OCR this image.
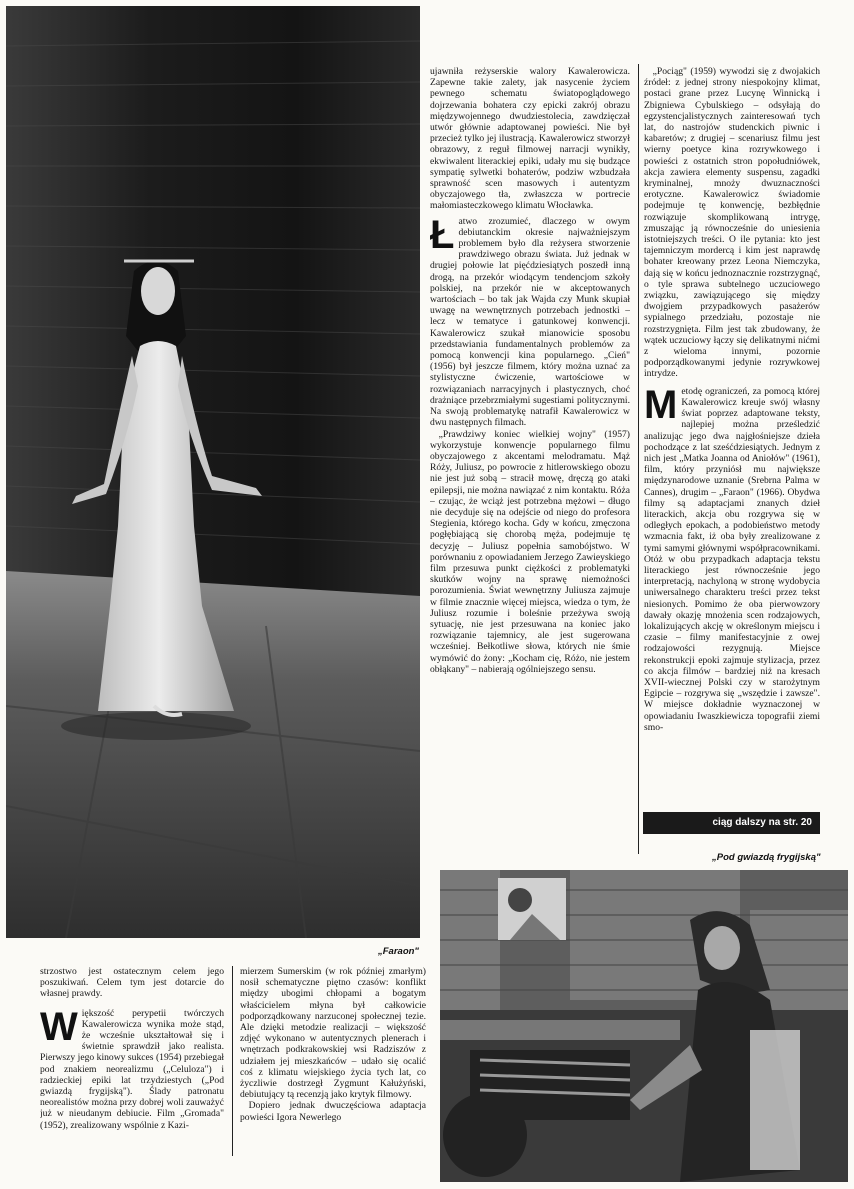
„Faraon"

ujawniła reżyserskie walory Kawalerowicza. Zapewne takie zalety, jak nasycenie życiem pewnego schematu światopoglądowego dojrzewania bohatera czy epicki zakrój obrazu międzywojennego dwudziestolecia, zawdzięczał utwór głównie adaptowanej powieści. Nie był przecież tylko jej ilustracją. Kawalerowicz stworzył obrazowy, z reguł filmowej narracji wynikły, ekwiwalent literackiej epiki, udały mu się budzące sympatię sylwetki bohaterów, podziw wzbudzała sprawność scen masowych i autentyzm obyczajowego tła, zwłaszcza w portrecie małomiasteczkowego klimatu Włocławka.

Łatwo zrozumieć, dlaczego w owym debiutanckim okresie najważniejszym problemem było dla reżysera stworzenie prawdziwego obrazu świata. Już jednak w drugiej połowie lat pięćdziesiątych poszedł inną drogą, na przekór wiodącym tendencjom szkoły polskiej, na przekór nie w akceptowanych wartościach – bo tak jak Wajda czy Munk skupiał uwagę na wewnętrznych potrzebach jednostki – lecz w tematyce i gatunkowej konwencji. Kawalerowicz szukał mianowicie sposobu przedstawiania fundamentalnych problemów za pomocą konwencji kina popularnego. „Cień" (1956) był jeszcze filmem, który można uznać za stylistyczne ćwiczenie, wartościowe w rozwiązaniach narracyjnych i plastycznych, choć drażniące przebrzmiałymi sugestiami politycznymi. Na swoją problematykę natrafił Kawalerowicz w dwu następnych filmach.

„Prawdziwy koniec wielkiej wojny" (1957) wykorzystuje konwencje popularnego filmu obyczajowego z akcentami melodramatu. Mąż Róży, Juliusz, po powrocie z hitlerowskiego obozu nie jest już sobą – stracił mowę, dręczą go ataki epilepsji, nie można nawiązać z nim kontaktu. Róża – czując, że wciąż jest potrzebna mężowi – długo nie decyduje się na odejście od niego do profesora Stegienia, którego kocha. Gdy w końcu, zmęczona pogłębiającą się chorobą męża, podejmuje tę decyzję – Juliusz popełnia samobójstwo. W porównaniu z opowiadaniem Jerzego Zawieyskiego film przesuwa punkt ciężkości z problematyki skutków wojny na sprawę niemożności porozumienia. Świat wewnętrzny Juliusza zajmuje w filmie znacznie więcej miejsca, wiedza o tym, że Juliusz rozumie i boleśnie przeżywa swoją sytuację, nie jest przesuwana na koniec jako rozwiązanie tajemnicy, ale jest sugerowana wcześniej. Bełkotliwe słowa, których nie śmie wymówić do żony: „Kocham cię, Różo, nie jestem obłąkany" – nabierają ogólniejszego sensu.

„Pociąg" (1959) wywodzi się z dwojakich źródeł: z jednej strony niespokojny klimat, postaci grane przez Lucynę Winnicką i Zbigniewa Cybulskiego – odsyłają do egzystencjalistycznych zainteresowań tych lat, do nastrojów studenckich piwnic i kabaretów; z drugiej – scenariusz filmu jest wierny poetyce kina rozrywkowego i powieści z ostatnich stron popołudniówek, akcja zawiera elementy suspensu, zagadki kryminalnej, mnoży dwuznaczności erotyczne. Kawalerowicz świadomie podejmuje tę konwencję, bezbłędnie rozwiązuje skomplikowaną intrygę, zmuszając ją równocześnie do uniesienia istotniejszych treści. O ile pytania: kto jest tajemniczym mordercą i kim jest naprawdę bohater kreowany przez Leona Niemczyka, dają się w końcu jednoznacznie rozstrzygnąć, o tyle sprawa subtelnego uczuciowego związku, zawiązującego się między dwojgiem przypadkowych pasażerów sypialnego przedziału, pozostaje nie rozstrzygnięta. Film jest tak zbudowany, że wątek uczuciowy łączy się delikatnymi nićmi z wieloma innymi, pozornie podporządkowanymi jedynie rozrywkowej intrydze.

Metodę ograniczeń, za pomocą której Kawalerowicz kreuje swój własny świat poprzez adaptowane teksty, najlepiej można prześledzić analizując jego dwa najgłośniejsze dzieła pochodzące z lat sześćdziesiątych. Jednym z nich jest „Matka Joanna od Aniołów" (1961), film, który przyniósł mu największe międzynarodowe uznanie (Srebrna Palma w Cannes), drugim – „Faraon" (1966). Obydwa filmy są adaptacjami znanych dzieł literackich, akcja obu rozgrywa się w odległych epokach, a podobieństwo metody wzmacnia fakt, iż oba były zrealizowane z tymi samymi głównymi współpracownikami. Otóż w obu przypadkach adaptacja tekstu literackiego jest równocześnie jego interpretacją, nachyloną w stronę wydobycia uniwersalnego charakteru treści przez tekst niesionych. Pomimo że oba pierwowzory dawały okazję mnożenia scen rodzajowych, lokalizujących akcję w określonym miejscu i czasie – filmy manifestacyjnie z owej rodzajowości rezygnują. Miejsce rekonstrukcji epoki zajmuje stylizacja, przez co akcja filmów – bardziej niż na kresach XVII-wiecznej Polski czy w starożytnym Egipcie – rozgrywa się „wszędzie i zawsze". W miejsce dokładnie wyznaczonej w opowiadaniu Iwaszkiewicza topografii ziemi smo-

ciąg dalszy na str. 20
„Pod gwiazdą frygijską"

strzostwo jest ostatecznym celem jego poszukiwań. Celem tym jest dotarcie do własnej prawdy.

Większość perypetii twórczych Kawalerowicza wynika może stąd, że wcześnie ukształtował się i świetnie sprawdził jako realista. Pierwszy jego kinowy sukces (1954) przebiegał pod znakiem neorealizmu („Celuloza") i radzieckiej epiki lat trzydziestych („Pod gwiazdą frygijską"). Ślady patronatu neorealistów można przy dobrej woli zauważyć już w nieudanym debiucie. Film „Gromada" (1952), zrealizowany wspólnie z Kazi-

mierzem Sumerskim (w rok później zmarłym) nosił schematyczne piętno czasów: konflikt między ubogimi chłopami a bogatym właścicielem młyna był całkowicie podporządkowany narzuconej społecznej tezie. Ale dzięki metodzie realizacji – większość zdjęć wykonano w autentycznych plenerach i wnętrzach podkrakowskiej wsi Radziszów z udziałem jej mieszkańców – udało się ocalić coś z klimatu wiejskiego życia tych lat, co życzliwie dostrzegł Zygmunt Kałużyński, debiutujący tą recenzją jako krytyk filmowy.

Dopiero jednak dwuczęściowa adaptacja powieści Igora Newerlego
